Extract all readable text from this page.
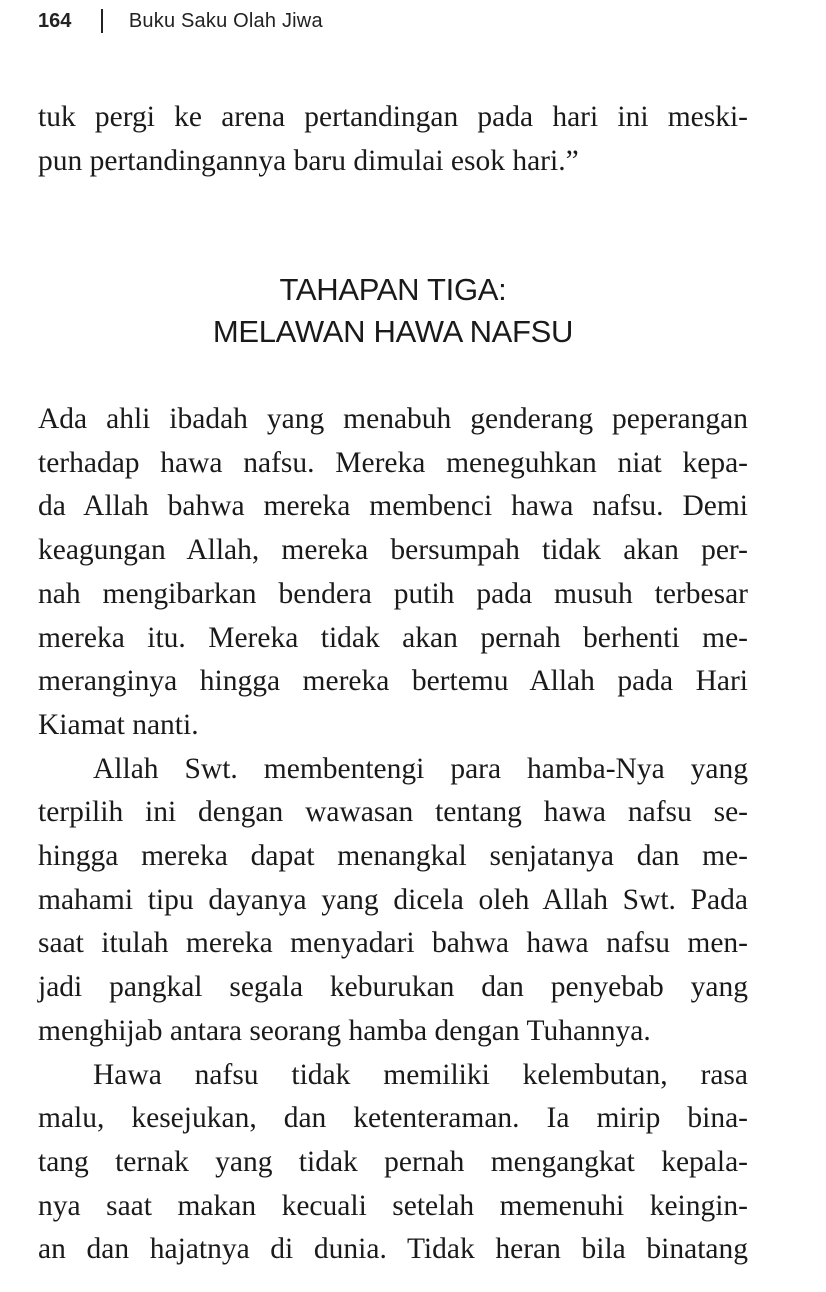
164	Buku Saku Olah Jiwa
tuk pergi ke arena pertandingan pada hari ini meski-
pun pertandingannya baru dimulai esok hari.”
TAHAPAN TIGA:
MELAWAN HAWA NAFSU
Ada ahli ibadah yang menabuh genderang peperangan
terhadap hawa nafsu. Mereka meneguhkan niat kepa-
da Allah bahwa mereka membenci hawa nafsu. Demi
keagungan Allah, mereka bersumpah tidak akan per-
nah mengibarkan bendera putih pada musuh terbesar
mereka itu. Mereka tidak akan pernah berhenti me-
meranginya hingga mereka bertemu Allah pada Hari
Kiamat nanti.
Allah Swt. membentengi para hamba-Nya yang
terpilih ini dengan wawasan tentang hawa nafsu se-
hingga mereka dapat menangkal senjatanya dan me-
mahami tipu dayanya yang dicela oleh Allah Swt. Pada
saat itulah mereka menyadari bahwa hawa nafsu men-
jadi pangkal segala keburukan dan penyebab yang
menghijab antara seorang hamba dengan Tuhannya.
Hawa nafsu tidak memiliki kelembutan, rasa
malu, kesejukan, dan ketenteraman. Ia mirip bina-
tang ternak yang tidak pernah mengangkat kepala-
nya saat makan kecuali setelah memenuhi keingin-
an dan hajatnya di dunia. Tidak heran bila binatang
